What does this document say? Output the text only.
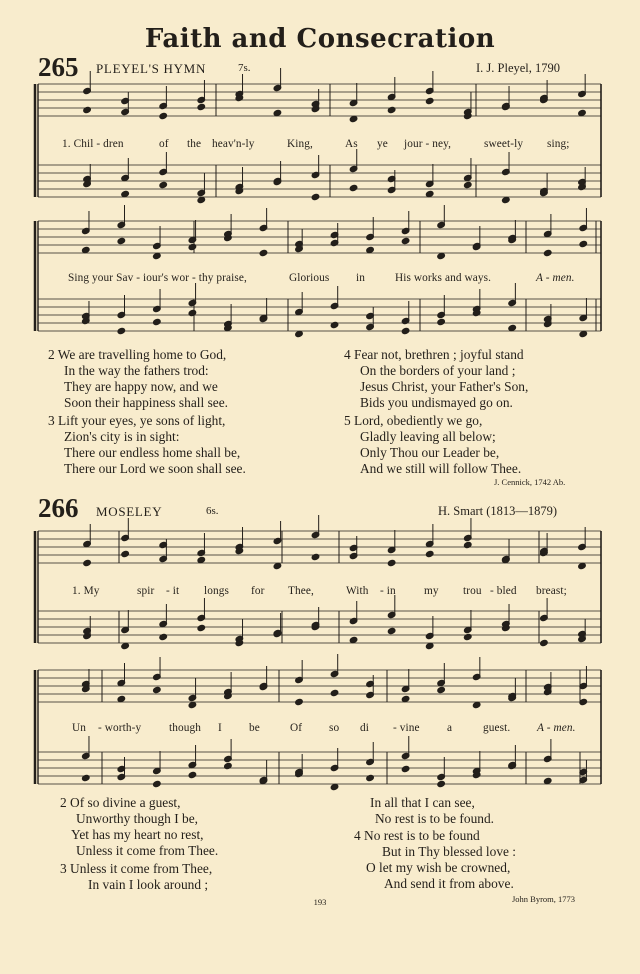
Faith and Consecration
265 PLEYEL'S HYMN	7s.	I. J. Pleyel, 1790
266 MOSELEY	6s.	H. Smart (1813—1879)
1. Chil - dren	of the heav'n-ly	King,	As ye jour - ney,	sweet-ly sing;
Sing your Sav - iour's wor - thy praise,	Glorious in	His works and ways.	A - men.
2 We are travelling home to God,
In the way the fathers trod:
They are happy now, and we
Soon their happiness shall see.
3 Lift your eyes, ye sons of light,
Zion's city is in sight:
There our endless home shall be,
There our Lord we soon shall see.
4 Fear not, brethren ; joyful stand
On the borders of your land ;
Jesus Christ, your Father's Son,
Bids you undismayed go on.
5 Lord, obediently we go,
Gladly leaving all below;
Only Thou our Leader be,
And we still will follow Thee.
J. Cennick, 1742 Ab.
1. My	spir - it longs for Thee,	With - in my trou - bled breast;
Un - worth-y though I be	Of so di - vine a	guest. A - men.
2 Of so divine a guest,
Unworthy though I be,
Yet has my heart no rest,
Unless it come from Thee.
3 Unless it come from Thee,
In vain I look around ;
In all that I can see,
No rest is to be found.
4 No rest is to be found
But in Thy blessed love :
O let my wish be crowned,
And send it from above.
John Byrom, 1773
193
